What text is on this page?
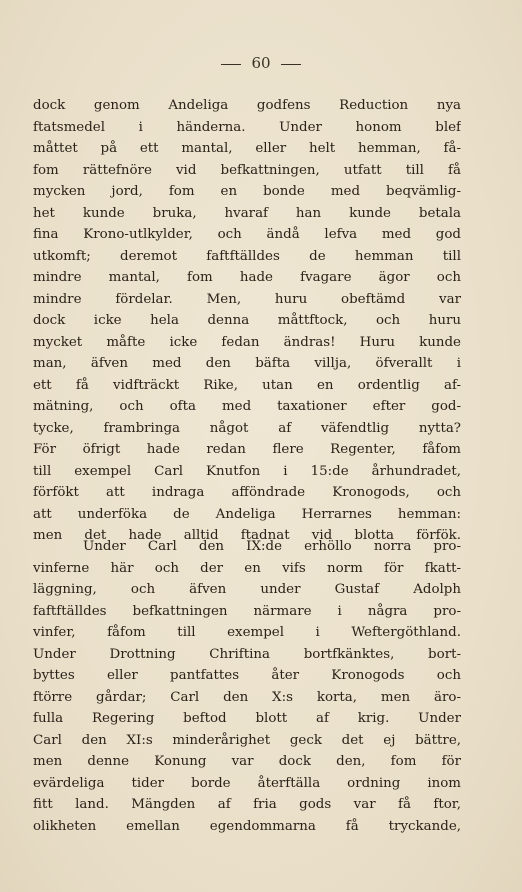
60
dock genom Andeliga godfens Reduction nya
ftatsmedel i händerna. Under honom blef
måttet på ett mantal, eller helt hemman, få-
fom rättefnöre vid befkattningen, utfatt till få
mycken jord, fom en bonde med beqvämlig-
het kunde bruka, hvaraf han kunde betala
fina Krono-utlkylder, och ändå lefva med god
utkomft; deremot faftftälldes de hemman till
mindre mantal, fom hade fvagare ägor och
mindre fördelar. Men, huru obeftämd var
dock icke hela denna måttftock, och huru
mycket måfte icke fedan ändras! Huru kunde
man, äfven med den bäfta villja, öfverallt i
ett få vidfträckt Rike, utan en ordentlig af-
mätning, och ofta med taxationer efter god-
tycke, frambringa något af väfendtlig nytta?
För öfrigt hade redan flere Regenter, fåfom
till exempel Carl Knutfon i 15:de århundradet,
förfökt att indraga afföndrade Kronogods, och
att underföka de Andeliga Herrarnes hemman:
men det hade alltid ftadnat vid blotta förfök.
Under Carl den IX:de erhöllo norra pro-
vinferne här och der en vifs norm för fkatt-
läggning, och äfven under Gustaf Adolph
faftftälldes befkattningen närmare i några pro-
vinfer, fåfom till exempel i Weftergöthland.
Under Drottning Chriftina bortfkänktes, bort-
byttes eller pantfattes åter Kronogods och
ftörre gårdar; Carl den X:s korta, men äro-
fulla Regering beftod blott af krig. Under
Carl den XI:s minderårighet geck det ej bättre,
men denne Konung var dock den, fom för
evärdeliga tider borde återftälla ordning inom
fitt land. Mängden af fria gods var få ftor,
olikheten emellan egendommarna få tryckande,
